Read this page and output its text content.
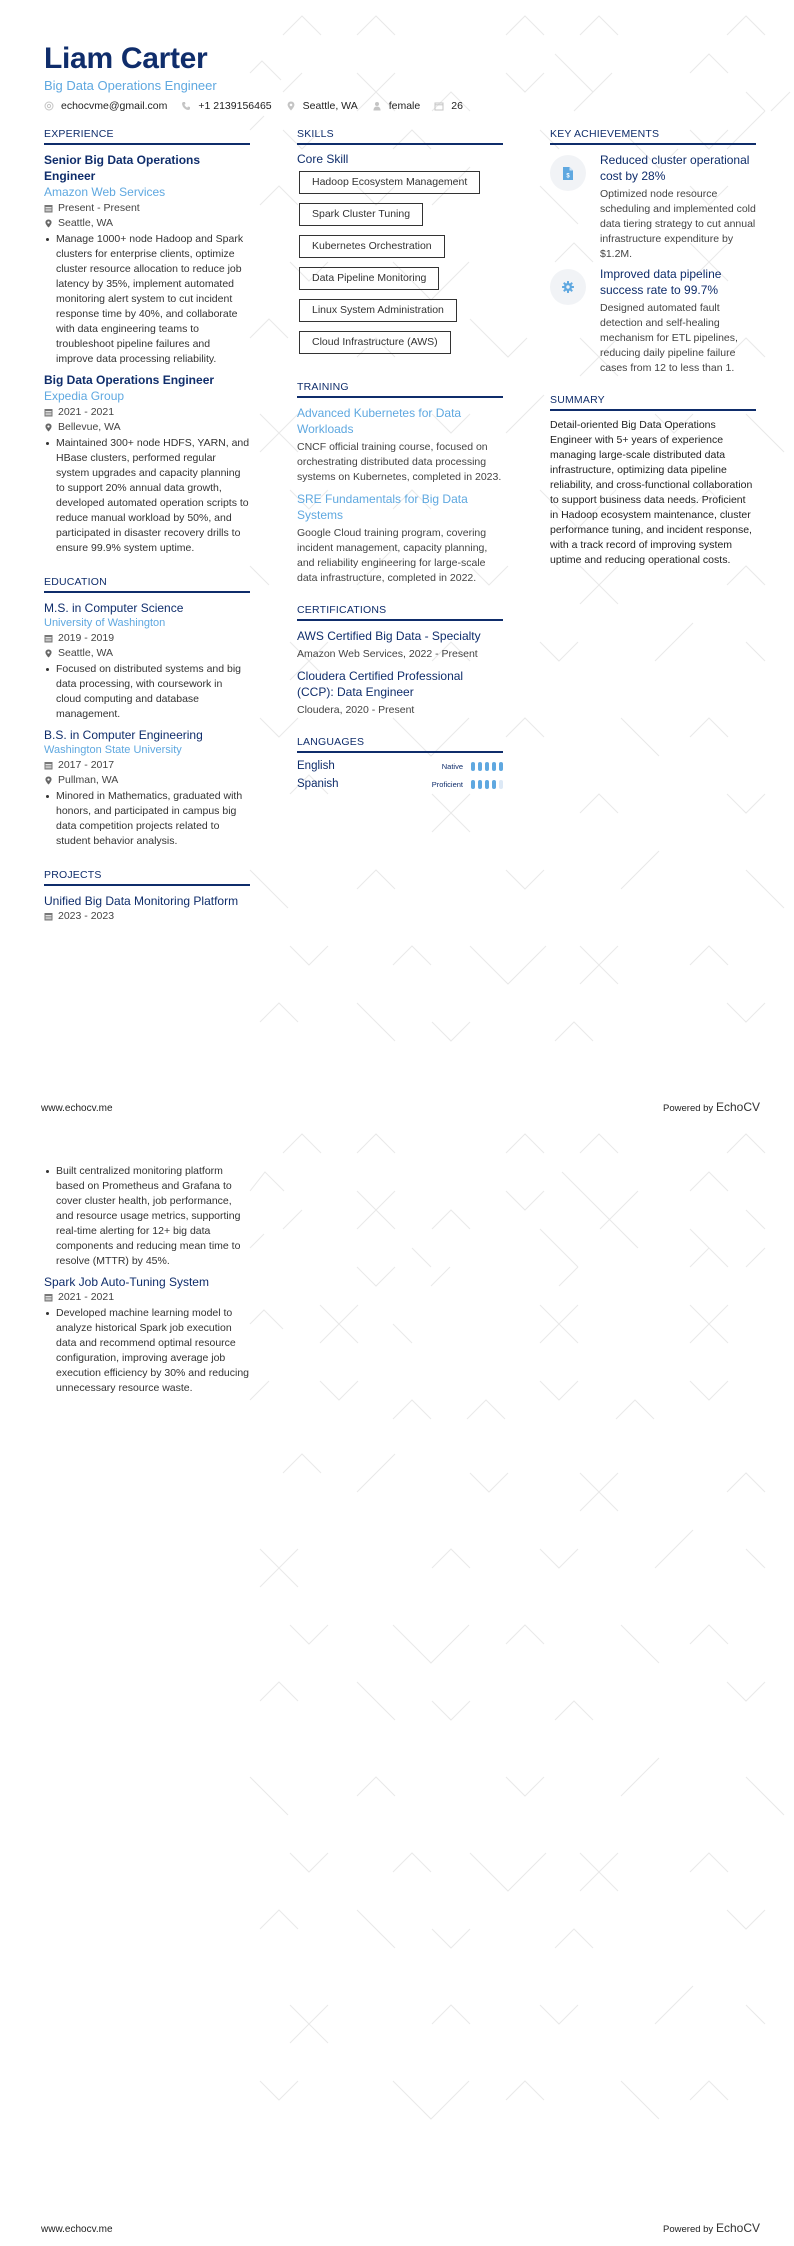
Liam Carter
Big Data Operations Engineer
echocvme@gmail.com	+1 2139156465	Seattle, WA	female	26
EXPERIENCE
Senior Big Data Operations Engineer
Amazon Web Services
Present - Present
Seattle, WA
Manage 1000+ node Hadoop and Spark clusters for enterprise clients, optimize cluster resource allocation to reduce job latency by 35%, implement automated monitoring alert system to cut incident response time by 40%, and collaborate with data engineering teams to troubleshoot pipeline failures and improve data processing reliability.
Big Data Operations Engineer
Expedia Group
2021 - 2021
Bellevue, WA
Maintained 300+ node HDFS, YARN, and HBase clusters, performed regular system upgrades and capacity planning to support 20% annual data growth, developed automated operation scripts to reduce manual workload by 50%, and participated in disaster recovery drills to ensure 99.9% system uptime.
EDUCATION
M.S. in Computer Science
University of Washington
2019 - 2019
Seattle, WA
Focused on distributed systems and big data processing, with coursework in cloud computing and database management.
B.S. in Computer Engineering
Washington State University
2017 - 2017
Pullman, WA
Minored in Mathematics, graduated with honors, and participated in campus big data competition projects related to student behavior analysis.
PROJECTS
Unified Big Data Monitoring Platform
2023 - 2023
SKILLS
Core Skill
Hadoop Ecosystem Management
Spark Cluster Tuning
Kubernetes Orchestration
Data Pipeline Monitoring
Linux System Administration
Cloud Infrastructure (AWS)
TRAINING
Advanced Kubernetes for Data Workloads
CNCF official training course, focused on orchestrating distributed data processing systems on Kubernetes, completed in 2023.
SRE Fundamentals for Big Data Systems
Google Cloud training program, covering incident management, capacity planning, and reliability engineering for large-scale data infrastructure, completed in 2022.
CERTIFICATIONS
AWS Certified Big Data - Specialty
Amazon Web Services, 2022 - Present
Cloudera Certified Professional (CCP): Data Engineer
Cloudera, 2020 - Present
LANGUAGES
English	Native
Spanish	Proficient
KEY ACHIEVEMENTS
$
Reduced cluster operational cost by 28%
Optimized node resource scheduling and implemented cold data tiering strategy to cut annual infrastructure expenditure by $1.2M.
Improved data pipeline success rate to 99.7%
Designed automated fault detection and self-healing mechanism for ETL pipelines, reducing daily pipeline failure cases from 12 to less than 1.
SUMMARY
Detail-oriented Big Data Operations Engineer with 5+ years of experience managing large-scale distributed data infrastructure, optimizing data pipeline reliability, and cross-functional collaboration to support business data needs. Proficient in Hadoop ecosystem maintenance, cluster performance tuning, and incident response, with a track record of improving system uptime and reducing operational costs.
www.echocv.me	Powered by EchoCV
Built centralized monitoring platform based on Prometheus and Grafana to cover cluster health, job performance, and resource usage metrics, supporting real-time alerting for 12+ big data components and reducing mean time to resolve (MTTR) by 45%.
Spark Job Auto-Tuning System
2021 - 2021
Developed machine learning model to analyze historical Spark job execution data and recommend optimal resource configuration, improving average job execution efficiency by 30% and reducing unnecessary resource waste.
www.echocv.me	Powered by EchoCV
